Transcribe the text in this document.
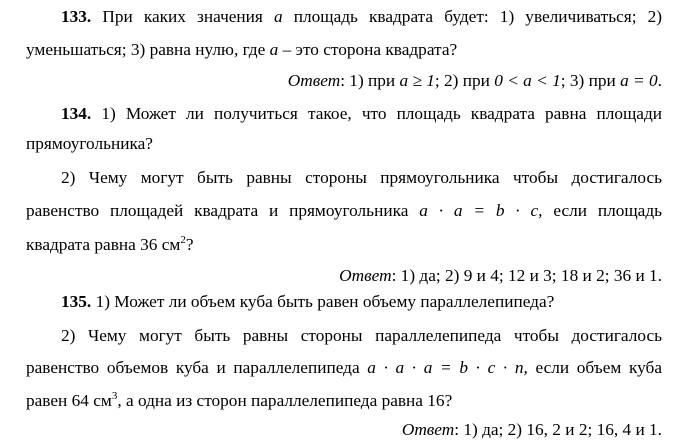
133. При каких значения a площадь квадрата будет: 1) увеличиваться; 2)
уменьшаться; 3) равна нулю, где a – это сторона квадрата?
Ответ: 1) при a ≥ 1; 2) при 0 < a < 1; 3) при a = 0.
134. 1) Может ли получиться такое, что площадь квадрата равна площади
прямоугольника?
2) Чему могут быть равны стороны прямоугольника чтобы достигалось
равенство площадей квадрата и прямоугольника a · a = b · c, если площадь
квадрата равна 36 $см^2$?
Ответ: 1) да; 2) 9 и 4; 12 и 3; 18 и 2; 36 и 1.
135. 1) Может ли объем куба быть равен объему параллелепипеда?
2) Чему могут быть равны стороны параллелепипеда чтобы достигалось
равенство объемов куба и параллелепипеда a · a · a = b · c · n, если объем куба
равен 64 $см^3$, а одна из сторон параллелепипеда равна 16?
Ответ: 1) да; 2) 16, 2 и 2; 16, 4 и 1.
